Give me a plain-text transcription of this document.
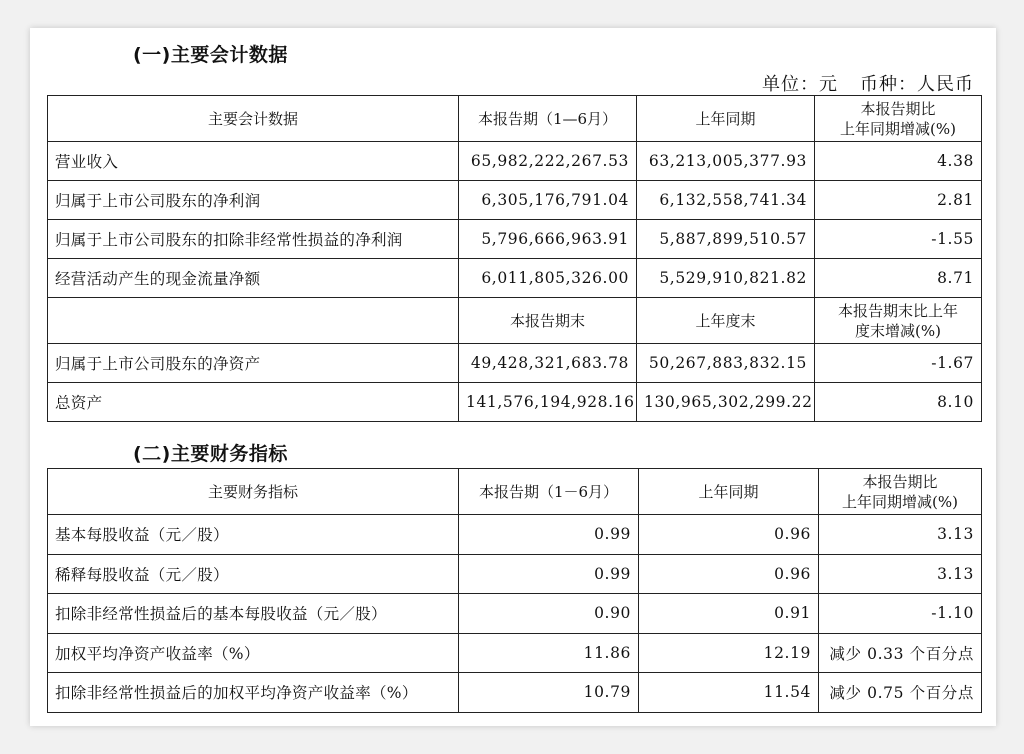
(一)主要会计数据
单位：元 币种：人民币
主要会计数据	本报告期（1—6月）	上年同期	本报告期比
上年同期增减(%)
营业收入	65,982,222,267.53	63,213,005,377.93	4.38
归属于上市公司股东的净利润	6,305,176,791.04	6,132,558,741.34	2.81
归属于上市公司股东的扣除非经常性损益的净利润	5,796,666,963.91	5,887,899,510.57	-1.55
经营活动产生的现金流量净额	6,011,805,326.00	5,529,910,821.82	8.71
	本报告期末	上年度末	本报告期末比上年
度末增减(%)
归属于上市公司股东的净资产	49,428,321,683.78	50,267,883,832.15	-1.67
总资产	141,576,194,928.16	130,965,302,299.22	8.10
(二)主要财务指标
主要财务指标	本报告期（1－6月）	上年同期	本报告期比
上年同期增减(%)
基本每股收益（元／股）	0.99	0.96	3.13
稀释每股收益（元／股）	0.99	0.96	3.13
扣除非经常性损益后的基本每股收益（元／股）	0.90	0.91	-1.10
加权平均净资产收益率（%）	11.86	12.19	减少 0.33 个百分点
扣除非经常性损益后的加权平均净资产收益率（%）	10.79	11.54	减少 0.75 个百分点
